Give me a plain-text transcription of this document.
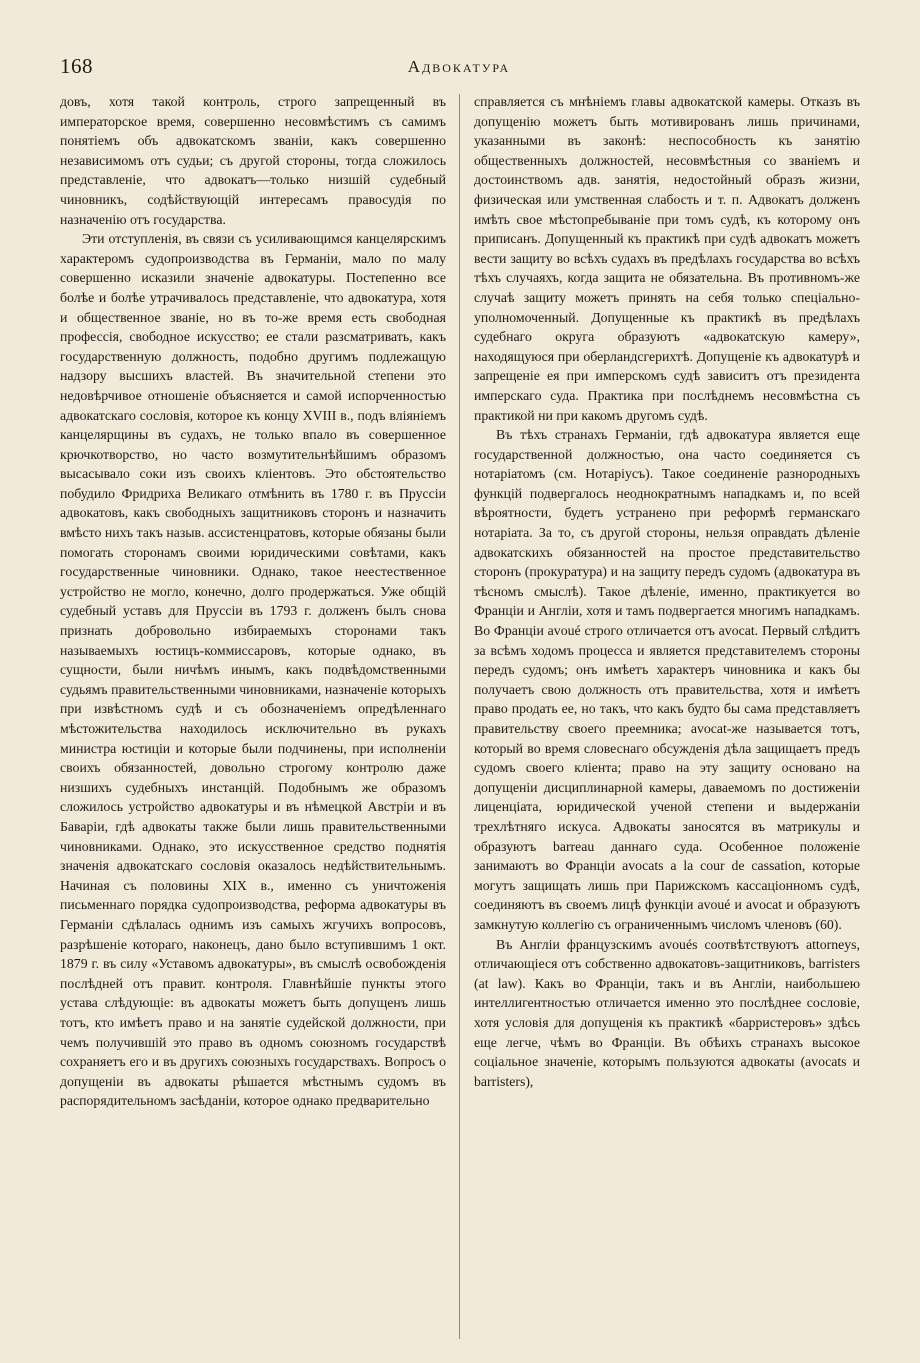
168	Адвокатура

довъ, хотя такой контроль, строго запрещенный въ императорское время, совершенно несовмѣстимъ съ самимъ понятіемъ объ адвокатскомъ званіи, какъ совершенно независимомъ отъ судьи; съ другой стороны, тогда сложилось представленіе, что адвокатъ—только низшій судебный чиновникъ, содѣйствующій интересамъ правосудія по назначенію отъ государства.

Эти отступленія, въ связи съ усиливающимся канцелярскимъ характеромъ судопроизводства въ Германіи, мало по малу совершенно исказили значеніе адвокатуры. Постепенно все болѣе и болѣе утрачивалось представленіе, что адвокатура, хотя и общественное званіе, но въ то-же время есть свободная профессія, свободное искусство; ее стали разсматривать, какъ государственную должность, подобно другимъ подлежащую надзору высшихъ властей. Въ значительной степени это недовѣрчивое отношеніе объясняется и самой испорченностью адвокатскаго сословія, которое къ концу XVIII в., подъ вліяніемъ канцелярщины въ судахъ, не только впало въ совершенное крючкотворство, но часто возмутительнѣйшимъ образомъ высасывало соки изъ своихъ кліентовъ. Это обстоятельство побудило Фридриха Великаго отмѣнить въ 1780 г. въ Пруссіи адвокатовъ, какъ свободныхъ защитниковъ сторонъ и назначить вмѣсто нихъ такъ назыв. ассистенцратовъ, которые обязаны были помогать сторонамъ своими юридическими совѣтами, какъ государственные чиновники. Однако, такое неестественное устройство не могло, конечно, долго продержаться. Уже общій судебный уставъ для Пруссіи въ 1793 г. долженъ былъ снова признать добровольно избираемыхъ сторонами такъ называемыхъ юстицъ-коммиссаровъ, которые однако, въ сущности, были ничѣмъ инымъ, какъ подвѣдомственными судьямъ правительственными чиновниками, назначеніе которыхъ при извѣстномъ судѣ и съ обозначеніемъ опредѣленнаго мѣстожительства находилось исключительно въ рукахъ министра юстиціи и которые были подчинены, при исполненіи своихъ обязанностей, довольно строгому контролю даже низшихъ судебныхъ инстанцій. Подобнымъ же образомъ сложилось устройство адвокатуры и въ нѣмецкой Австріи и въ Баваріи, гдѣ адвокаты также были лишь правительственными чиновниками. Однако, это искусственное средство поднятія значенія адвокатскаго сословія оказалось недѣйствительнымъ. Начиная съ половины XIX в., именно съ уничтоженія письменнаго порядка судопроизводства, реформа адвокатуры въ Германіи сдѣлалась однимъ изъ самыхъ жгучихъ вопросовъ, разрѣшеніе котораго, наконецъ, дано было вступившимъ 1 окт. 1879 г. въ силу «Уставомъ адвокатуры», въ смыслѣ освобожденія послѣдней отъ правит. контроля. Главнѣйшіе пункты этого устава слѣдующіе: въ адвокаты можетъ быть допущенъ лишь тотъ, кто имѣетъ право и на занятіе судейской должности, при чемъ получившій это право въ одномъ союзномъ государствѣ сохраняетъ его и въ другихъ союзныхъ государствахъ. Вопросъ о допущеніи въ адвокаты рѣшается мѣстнымъ судомъ въ распорядительномъ засѣданіи, которое однако предварительно

справляется съ мнѣніемъ главы адвокатской камеры. Отказъ въ допущенію можетъ быть мотивированъ лишь причинами, указанными въ законѣ: неспособность къ занятію общественныхъ должностей, несовмѣстныя со званіемъ и достоинствомъ адв. занятія, недостойный образъ жизни, физическая или умственная слабость и т. п. Адвокатъ долженъ имѣть свое мѣстопребываніе при томъ судѣ, къ которому онъ приписанъ. Допущенный къ практикѣ при судѣ адвокатъ можетъ вести защиту во всѣхъ судахъ въ предѣлахъ государства во всѣхъ тѣхъ случаяхъ, когда защита не обязательна. Въ противномъ-же случаѣ защиту можетъ принять на себя только спеціально-уполномоченный. Допущенные къ практикѣ въ предѣлахъ судебнаго округа образуютъ «адвокатскую камеру», находящуюся при оберландсгерихтѣ. Допущеніе къ адвокатурѣ и запрещеніе ея при имперскомъ судѣ зависитъ отъ президента имперскаго суда. Практика при послѣднемъ несовмѣстна съ практикой ни при какомъ другомъ судѣ.

Въ тѣхъ странахъ Германіи, гдѣ адвокатура является еще государственной должностью, она часто соединяется съ нотаріатомъ (см. Нотаріусъ). Такое соединеніе разнородныхъ функцій подвергалось неоднократнымъ нападкамъ и, по всей вѣроятности, будетъ устранено при реформѣ германскаго нотаріата. За то, съ другой стороны, нельзя оправдать дѣленіе адвокатскихъ обязанностей на простое представительство сторонъ (прокуратура) и на защиту передъ судомъ (адвокатура въ тѣсномъ смыслѣ). Такое дѣленіе, именно, практикуется во Франціи и Англіи, хотя и тамъ подвергается многимъ нападкамъ. Во Франціи avoué строго отличается отъ avocat. Первый слѣдитъ за всѣмъ ходомъ процесса и является представителемъ стороны передъ судомъ; онъ имѣетъ характеръ чиновника и какъ бы получаетъ свою должность отъ правительства, хотя и имѣетъ право продать ее, но такъ, что какъ будто бы сама представляетъ правительству своего преемника; avocat-же называется тотъ, который во время словеснаго обсужденія дѣла защищаетъ предъ судомъ своего кліента; право на эту защиту основано на допущеніи дисциплинарной камеры, даваемомъ по достиженіи лиценціата, юридической ученой степени и выдержаніи трехлѣтняго искуса. Адвокаты заносятся въ матрикулы и образуютъ barreau даннаго суда. Особенное положеніе занимаютъ во Франціи avocats a la cour de cassation, которые могутъ защищать лишь при Парижскомъ кассаціонномъ судѣ, соединяютъ въ своемъ лицѣ функціи avoué и avocat и образуютъ замкнутую коллегію съ ограниченнымъ числомъ членовъ (60).

Въ Англіи французскимъ avoués соотвѣтствуютъ attorneys, отличающіеся отъ собственно адвокатовъ-защитниковъ, barristers (at law). Какъ во Франціи, такъ и въ Англіи, наибольшею интеллигентностью отличается именно это послѣднее сословіе, хотя условія для допущенія къ практикѣ «барристеровъ» здѣсь еще легче, чѣмъ во Франціи. Въ обѣихъ странахъ высокое соціальное значеніе, которымъ пользуются адвокаты (avocats и barristers),
